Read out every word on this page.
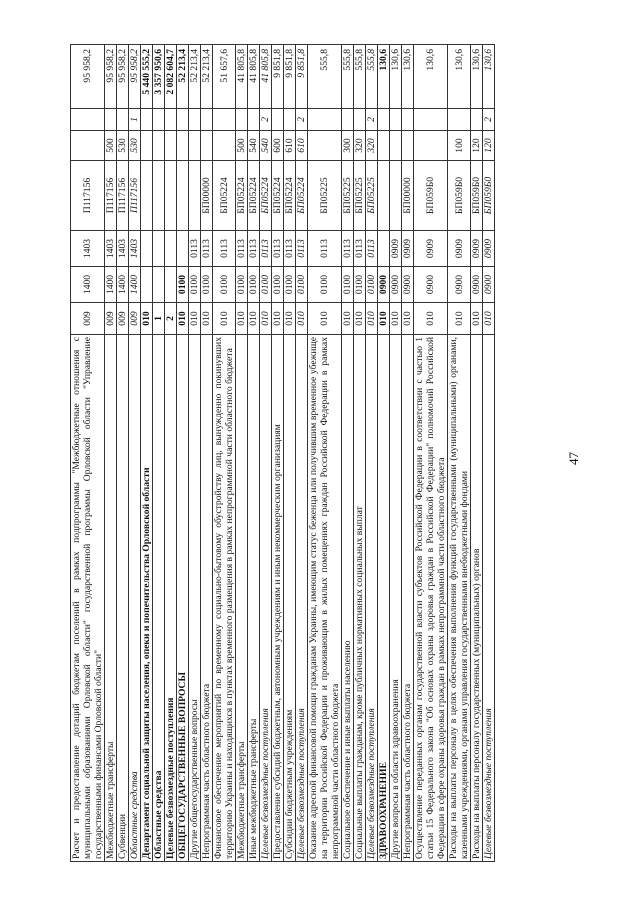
47
Расчет и предоставление дотаций бюджетам поселений в рамках подпрограммы "Межбюджетные отношения с муниципальными образованиями Орловской области" государственной программы Орловской области "Управление государственными финансами Орловской области"	009	1400	1403	П117156			95 958,2
Межбюджетные трансферты	009	1400	1403	П117156	500		95 958,2
Субвенции	009	1400	1403	П117156	530		95 958,2
Областные средства	009	1400	1403	П117156	530	1	95 958,2
Департамент социальной защиты населения, опеки и попечительства Орловской области	010						5 440 555,2
Областные средства	1						3 357 950,6
Целевые безвозмездные поступления	2						2 082 604,7
ОБЩЕГОСУДАРСТВЕННЫЕ ВОПРОСЫ	010	0100					52 213,4
Другие общегосударственные вопросы	010	0100	0113				52 213,4
Непрограммная часть областного бюджета	010	0100	0113	БП00000			52 213,4
Финансовое обеспечение мероприятий по временному социально-бытовому обустройству лиц, вынужденно покинувших территорию Украины и находящихся в пунктах временного размещения в рамках непрограммной части областного бюджета	010	0100	0113	БП05224			51 657,6
Межбюджетные трансферты	010	0100	0113	БП05224	500		41 805,8
Иные межбюджетные трансферты	010	0100	0113	БП05224	540		41 805,8
Целевые безвозмездные поступления	010	0100	0113	БП05224	540	2	41 805,8
Предоставление субсидий бюджетным, автономным учреждениям и иным некоммерческим организациям	010	0100	0113	БП05224	600		9 851,8
Субсидии бюджетным учреждениям	010	0100	0113	БП05224	610		9 851,8
Целевые безвозмездные поступления	010	0100	0113	БП05224	610	2	9 851,8
Оказание адресной финансовой помощи гражданам Украины, имеющим статус беженца или получившим временное убежище на территории Российской Федерации и проживающим в жилых помещениях граждан Российской Федерации в рамках непрограммной части областного бюджета	010	0100	0113	БП05225			555,8
Социальное обеспечение и иные выплаты населению	010	0100	0113	БП05225	300		555,8
Социальные выплаты гражданам, кроме публичных нормативных социальных выплат	010	0100	0113	БП05225	320		555,8
Целевые безвозмездные поступления	010	0100	0113	БП05225	320	2	555,8
ЗДРАВООХРАНЕНИЕ	010	0900					130,6
Другие вопросы в области здравоохранения	010	0900	0909				130,6
Непрограммная часть областного бюджета	010	0900	0909	БП00000			130,6
Осуществление переданных органам государственной власти субъектов Российской Федерации в соответствии с частью 1 статьи 15 Федерального закона "Об основах охраны здоровья граждан в Российской Федерации" полномочий Российской Федерации в сфере охраны здоровья граждан в рамках непрограммной части областного бюджета	010	0900	0909	БП059Б0			130,6
Расходы на выплаты персоналу в целях обеспечения выполнения функций государственными (муниципальными) органами, казенными учреждениями, органами управления государственными внебюджетными фондами	010	0900	0909	БП059Б0	100		130,6
Расходы на выплаты персоналу государственных (муниципальных) органов	010	0900	0909	БП059Б0	120		130,6
Целевые безвозмездные поступления	010	0900	0909	БП059Б0	120	2	130,6
